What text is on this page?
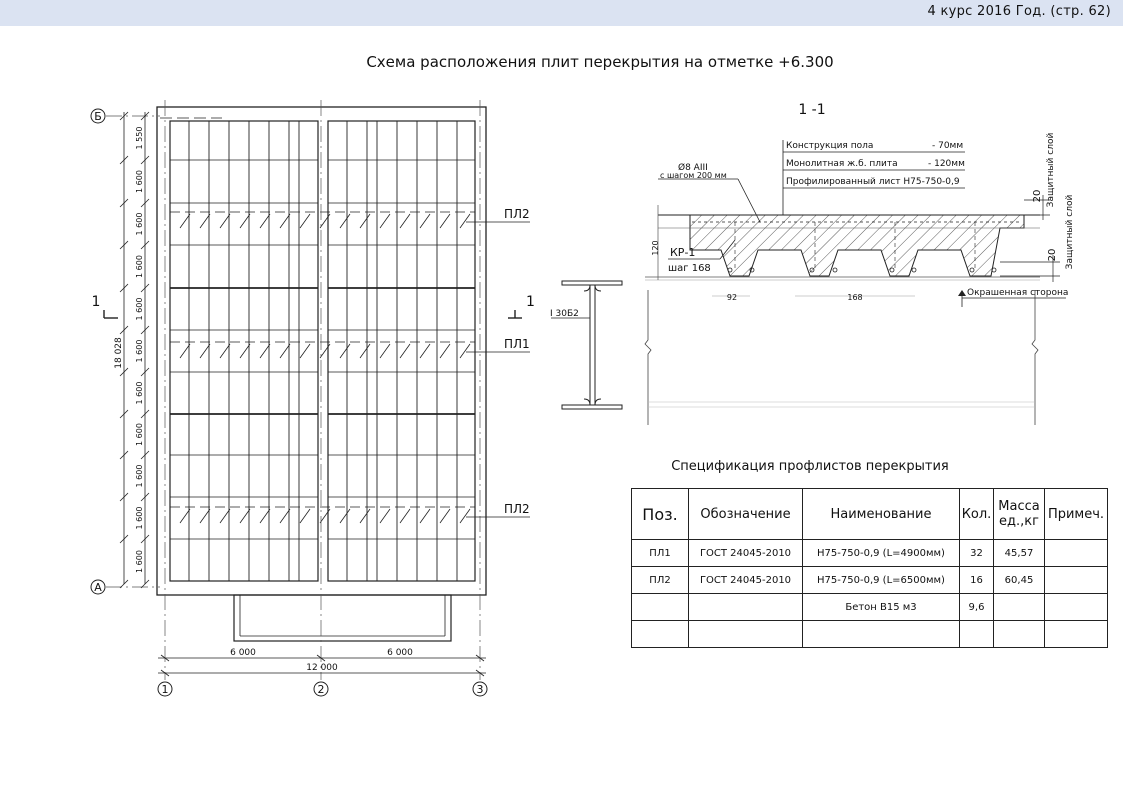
4 курс 2016 Год. (стр. 62)
Схема расположения плит перекрытия на отметке +6.300
Б
А
1	2	3
1 550
1 600
1 600
1 600
1 600
1 600
1 600
1 600
1 600
1 600
1 600
18 028
6 000	6 000
12 000
1	1
ПЛ2
ПЛ1
ПЛ2
1 -1
Конструкция пола	- 70мм
Монолитная ж.б. плита	- 120мм
Профилированный лист Н75-750-0,9
Ø8 AIII
с шагом 200 мм
КР-1
шаг 168
92	168
120
20 Защитный слой
20 Защитный слой
Окрашенная сторона
I 30Б2
Спецификация профлистов перекрытия
Поз.	Обозначение	Наименование	Кол.	Масса ед.,кг	Примеч.
ПЛ1	ГОСТ 24045-2010	Н75-750-0,9 (L=4900мм)	32	45,57	
ПЛ2	ГОСТ 24045-2010	Н75-750-0,9 (L=6500мм)	16	60,45	
		Бетон В15 м3	9,6		
